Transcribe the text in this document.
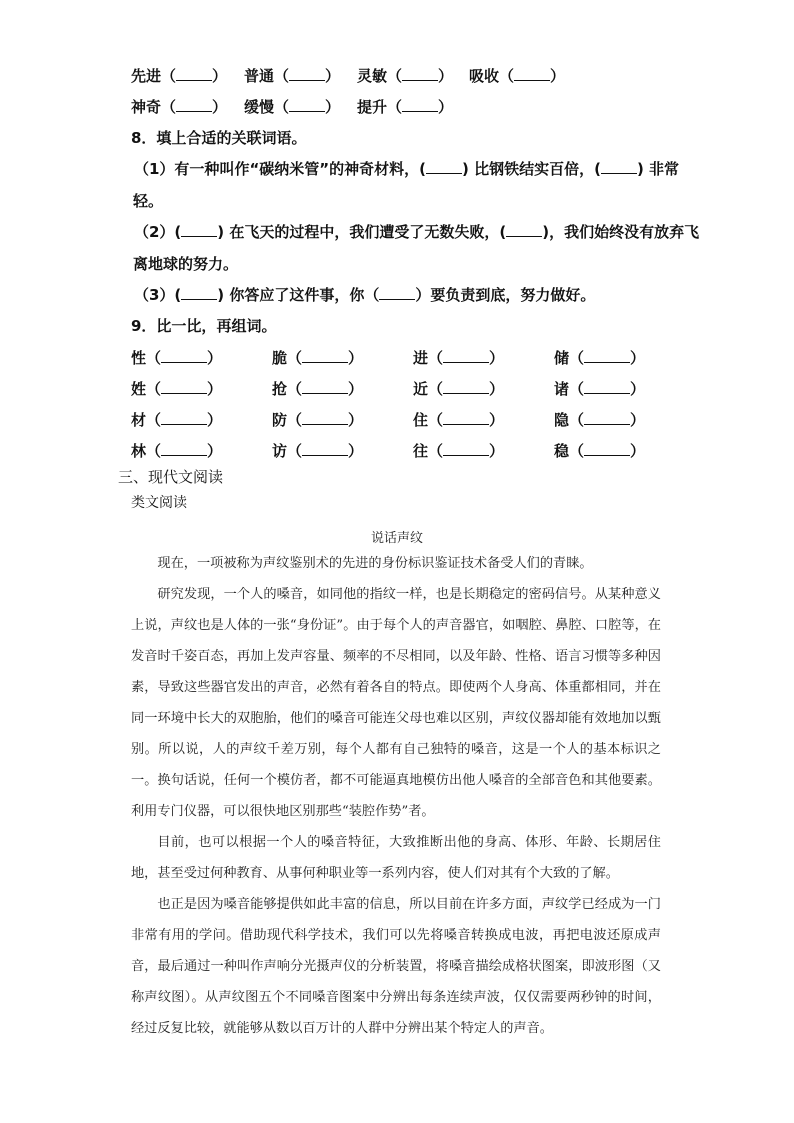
先进（ ） 普通（ ） 灵敏（ ） 吸收（ ）
神奇（ ） 缓慢（ ） 提升（ ）
8．填上合适的关联词语。
（1）有一种叫作“碳纳米管”的神奇材料，( ) 比钢铁结实百倍，( ) 非常
轻。
（2）( ) 在飞天的过程中，我们遭受了无数失败，( )，我们始终没有放弃飞
离地球的努力。
（3）( ) 你答应了这件事，你（ ）要负责到底，努力做好。
9．比一比，再组词。
性（	）	脆（	）	进（	）	储（	）
姓（	）	抢（	）	近（	）	诸（	）
材（	）	防（	）	住（	）	隐（	）
林（	）	访（	）	往（	）	稳（	）
三、现代文阅读
类文阅读
说话声纹

现在，一项被称为声纹鉴别术的先进的身份标识鉴证技术备受人们的青睐。

研究发现，一个人的嗓音，如同他的指纹一样，也是长期稳定的密码信号。从某种意义上说，声纹也是人体的一张“身份证”。由于每个人的声音器官，如咽腔、鼻腔、口腔等，在发音时千姿百态，再加上发声容量、频率的不尽相同，以及年龄、性格、语言习惯等多种因素，导致这些器官发出的声音，必然有着各自的特点。即使两个人身高、体重都相同，并在同一环境中长大的双胞胎，他们的嗓音可能连父母也难以区别，声纹仪器却能有效地加以甄别。所以说，人的声纹千差万别，每个人都有自己独特的嗓音，这是一个人的基本标识之一。换句话说，任何一个模仿者，都不可能逼真地模仿出他人嗓音的全部音色和其他要素。利用专门仪器，可以很快地区别那些“装腔作势”者。

目前，也可以根据一个人的嗓音特征，大致推断出他的身高、体形、年龄、长期居住地，甚至受过何种教育、从事何种职业等一系列内容，使人们对其有个大致的了解。

也正是因为嗓音能够提供如此丰富的信息，所以目前在许多方面，声纹学已经成为一门非常有用的学问。借助现代科学技术，我们可以先将嗓音转换成电波，再把电波还原成声音，最后通过一种叫作声响分光摄声仪的分析装置，将嗓音描绘成格状图案，即波形图（又称声纹图）。从声纹图五个不同嗓音图案中分辨出每条连续声波，仅仅需要两秒钟的时间，经过反复比较，就能够从数以百万计的人群中分辨出某个特定人的声音。
